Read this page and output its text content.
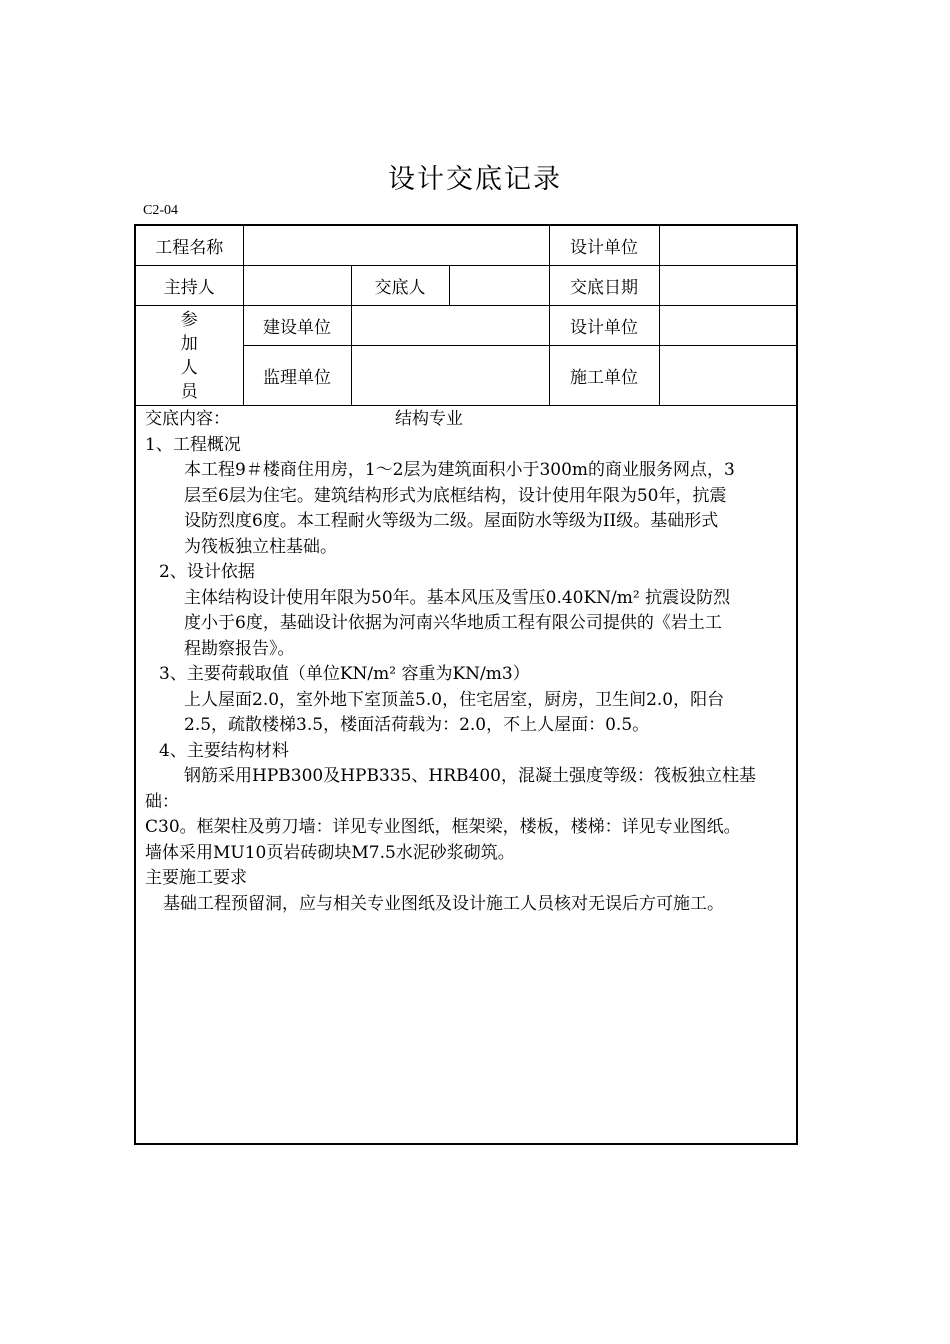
设计交底记录
C2-04
工程名称				设计单位	
主持人		交底人		交底日期	

参
加
人
员	建设单位			设计单位	
	监理单位			施工单位	

交底内容：	结构专业

1、工程概况

本工程9＃楼商住用房，1～2层为建筑面积小于300m的商业服务网点，3

层至6层为住宅。建筑结构形式为底框结构，设计使用年限为50年，抗震

设防烈度6度。本工程耐火等级为二级。屋面防水等级为II级。基础形式

为筏板独立柱基础。

2、设计依据

主体结构设计使用年限为50年。基本风压及雪压0.40KN/m² 抗震设防烈

度小于6度，基础设计依据为河南兴华地质工程有限公司提供的《岩土工

程勘察报告》。

3、主要荷载取值（单位KN/m² 容重为KN/m3）

上人屋面2.0，室外地下室顶盖5.0，住宅居室，厨房，卫生间2.0，阳台

2.5，疏散楼梯3.5，楼面活荷载为：2.0，不上人屋面：0.5。

4、主要结构材料

钢筋采用HPB300及HPB335、HRB400，混凝土强度等级：筏板独立柱基础：

C30。框架柱及剪刀墙：详见专业图纸，框架梁，楼板，楼梯：详见专业图纸。

墙体采用MU10页岩砖砌块M7.5水泥砂浆砌筑。

主要施工要求

基础工程预留洞，应与相关专业图纸及设计施工人员核对无误后方可施工。
